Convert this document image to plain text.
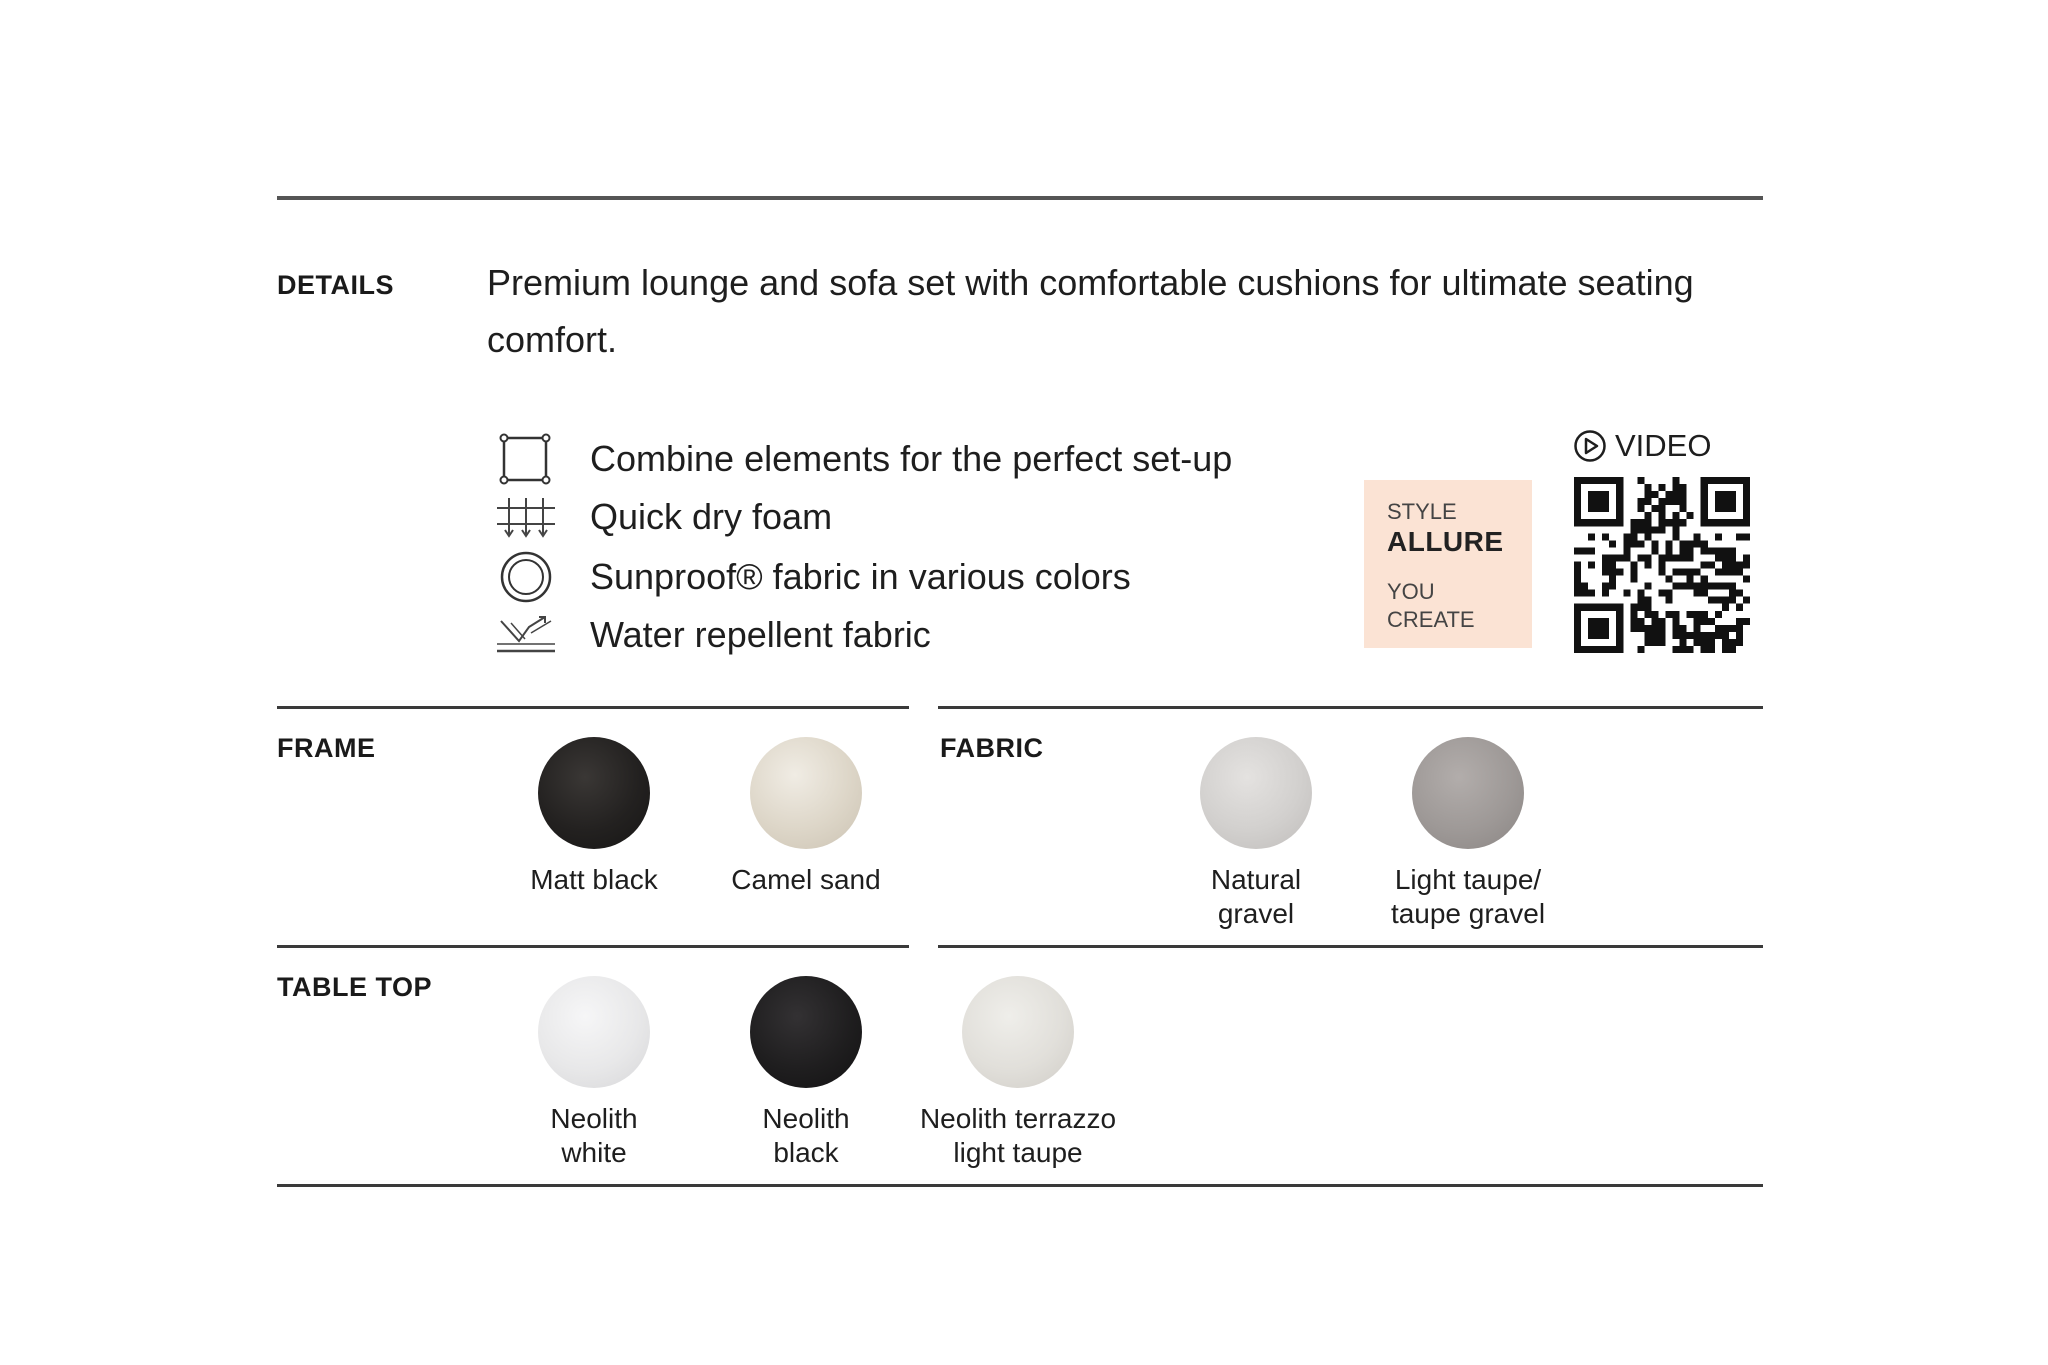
DETAILS	Premium lounge and sofa set with comfortable cushions for ultimate seating comfort.
Combine elements for the perfect set-up
Quick dry foam
Sunproof® fabric in various colors
Water repellent fabric
STYLE
ALLURE
YOU
CREATE
VIDEO
FRAME
Matt black	Camel sand
FABRIC
Natural gravel
Light taupe/ taupe gravel
TABLE TOP
Neolith white
Neolith black
Neolith terrazzo light taupe
